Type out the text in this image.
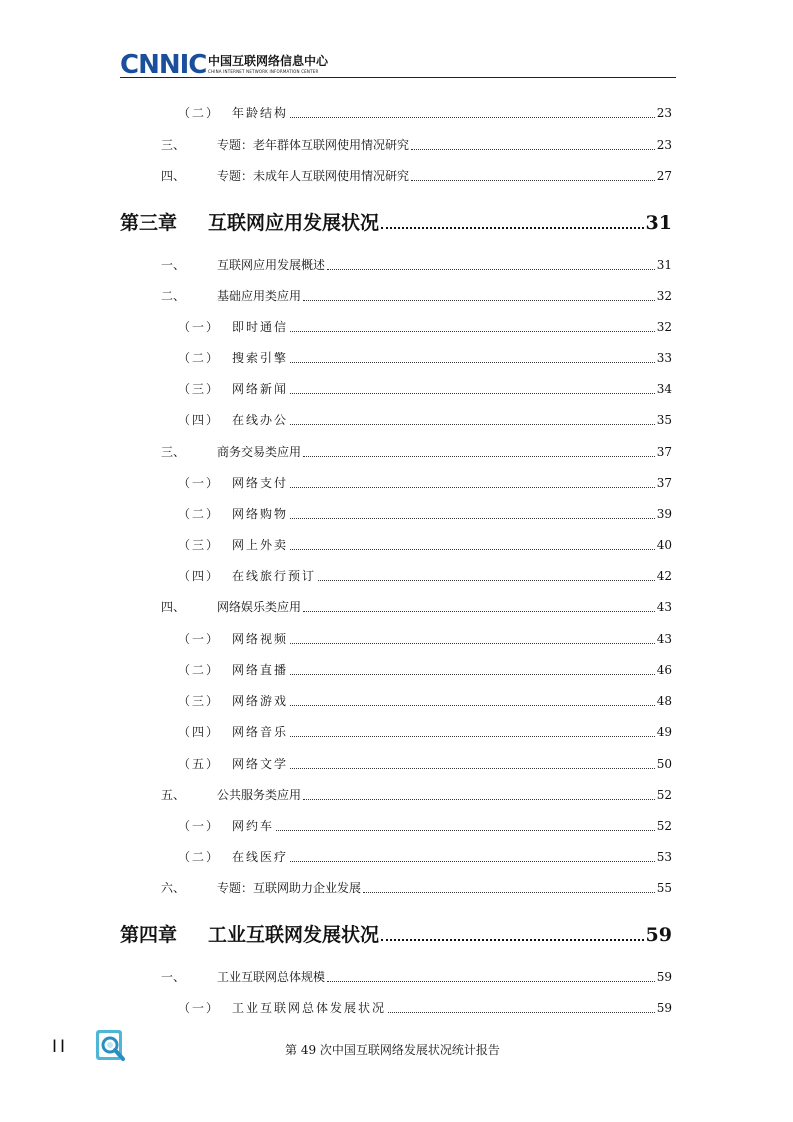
CNNIC 中国互联网络信息中心
CHINA INTERNET NETWORK INFORMATION CENTER
（二） 年龄结构	23
三、	专题：老年群体互联网使用情况研究	23
四、	专题：未成年人互联网使用情况研究	27
第三章	互联网应用发展状况	31
一、	互联网应用发展概述	31
二、	基础应用类应用	32
（一） 即时通信	32
（二） 搜索引擎	33
（三） 网络新闻	34
（四） 在线办公	35
三、	商务交易类应用	37
（一） 网络支付	37
（二） 网络购物	39
（三） 网上外卖	40
（四） 在线旅行预订	42
四、	网络娱乐类应用	43
（一） 网络视频	43
（二） 网络直播	46
（三） 网络游戏	48
（四） 网络音乐	49
（五） 网络文学	50
五、	公共服务类应用	52
（一） 网约车	52
（二） 在线医疗	53
六、	专题：互联网助力企业发展	55
第四章	工业互联网发展状况	59
一、	工业互联网总体规模	59
（一） 工业互联网总体发展状况	59
II	第 49 次中国互联网络发展状况统计报告
